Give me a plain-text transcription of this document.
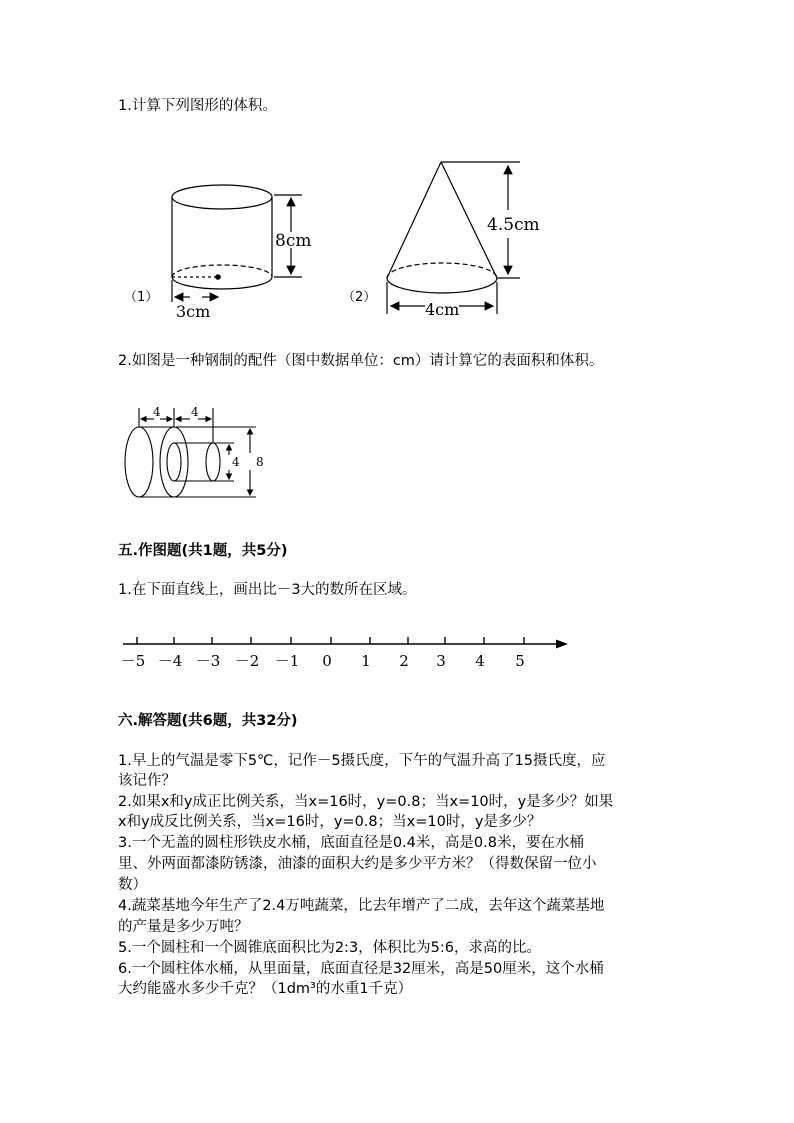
1.计算下列图形的体积。
（1）
8cm
3cm
（2）
4.5cm
4cm
2.如图是一种钢制的配件（图中数据单位：cm）请计算它的表面积和体积。
4	4
4 8
五.作图题(共1题，共5分)
1.在下面直线上，画出比－3大的数所在区域。
－5 －4 －3 －2 －1 0 1 2 3 4 5
六.解答题(共6题，共32分)
1.早上的气温是零下5℃，记作－5摄氏度，下午的气温升高了15摄氏度，应
该记作？
2.如果x和y成正比例关系，当x=16时，y=0.8；当x=10时，y是多少？如果
x和y成反比例关系，当x=16时，y=0.8；当x=10时，y是多少？
3.一个无盖的圆柱形铁皮水桶，底面直径是0.4米，高是0.8米，要在水桶
里、外两面都漆防锈漆，油漆的面积大约是多少平方米？（得数保留一位小
数）
4.蔬菜基地今年生产了2.4万吨蔬菜，比去年增产了二成，去年这个蔬菜基地
的产量是多少万吨？
5.一个圆柱和一个圆锥底面积比为2:3，体积比为5:6，求高的比。
6.一个圆柱体水桶，从里面量，底面直径是32厘米，高是50厘米，这个水桶
大约能盛水多少千克？（1dm³的水重1千克）
